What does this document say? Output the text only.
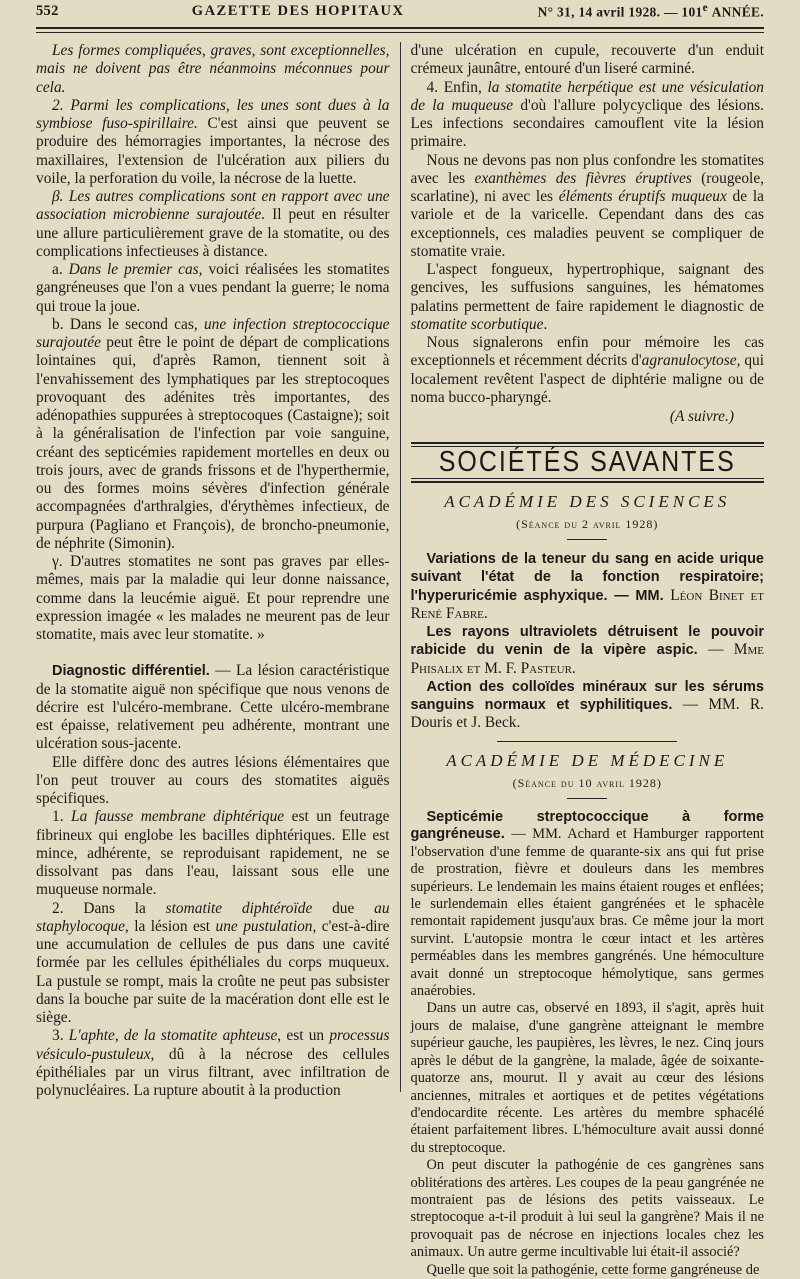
552	GAZETTE DES HOPITAUX	N° 31, 14 avril 1928. — 101e ANNÉE.

Les formes compliquées, graves, sont exceptionnelles, mais ne doivent pas être néanmoins méconnues pour cela.

2. Parmi les complications, les unes sont dues à la symbiose fuso-spirillaire. C'est ainsi que peuvent se produire des hémorragies importantes, la nécrose des maxillaires, l'extension de l'ulcération aux piliers du voile, la perforation du voile, la nécrose de la luette.

β. Les autres complications sont en rapport avec une association microbienne surajoutée. Il peut en résulter une allure particulièrement grave de la stomatite, ou des complications infectieuses à distance.

a. Dans le premier cas, voici réalisées les stomatites gangréneuses que l'on a vues pendant la guerre; le noma qui troue la joue.

b. Dans le second cas, une infection streptococcique surajoutée peut être le point de départ de complications lointaines qui, d'après Ramon, tiennent soit à l'envahissement des lymphatiques par les streptocoques provoquant des adénites très importantes, des adénopathies suppurées à streptocoques (Castaigne); soit à la généralisation de l'infection par voie sanguine, créant des septicémies rapidement mortelles en deux ou trois jours, avec de grands frissons et de l'hyperthermie, ou des formes moins sévères d'infection générale accompagnées d'arthralgies, d'érythèmes infectieux, de purpura (Pagliano et François), de broncho-pneumonie, de néphrite (Simonin).

γ. D'autres stomatites ne sont pas graves par elles-mêmes, mais par la maladie qui leur donne naissance, comme dans la leucémie aiguë. Et pour reprendre une expression imagée « les malades ne meurent pas de leur stomatite, mais avec leur stomatite. »

Diagnostic différentiel. — La lésion caractéristique de la stomatite aiguë non spécifique que nous venons de décrire est l'ulcéro-membrane. Cette ulcéro-membrane est épaisse, relativement peu adhérente, montrant une ulcération sous-jacente.

Elle diffère donc des autres lésions élémentaires que l'on peut trouver au cours des stomatites aiguës spécifiques.

1. La fausse membrane diphtérique est un feutrage fibrineux qui englobe les bacilles diphtériques. Elle est mince, adhérente, se reproduisant rapidement, ne se dissolvant pas dans l'eau, laissant sous elle une muqueuse normale.

2. Dans la stomatite diphtéroïde due au staphylocoque, la lésion est une pustulation, c'est-à-dire une accumulation de cellules de pus dans une cavité formée par les cellules épithéliales du corps muqueux. La pustule se rompt, mais la croûte ne peut pas subsister dans la bouche par suite de la macération dont elle est le siège.

3. L'aphte, de la stomatite aphteuse, est un processus vésiculo-pustuleux, dû à la nécrose des cellules épithéliales par un virus filtrant, avec infiltration de polynucléaires. La rupture aboutit à la production

d'une ulcération en cupule, recouverte d'un enduit crémeux jaunâtre, entouré d'un liseré carminé.

4. Enfin, la stomatite herpétique est une vésiculation de la muqueuse d'où l'allure polycyclique des lésions. Les infections secondaires camouflent vite la lésion primaire.

Nous ne devons pas non plus confondre les stomatites avec les exanthèmes des fièvres éruptives (rougeole, scarlatine), ni avec les éléments éruptifs muqueux de la variole et de la varicelle. Cependant dans des cas exceptionnels, ces maladies peuvent se compliquer de stomatite vraie.

L'aspect fongueux, hypertrophique, saignant des gencives, les suffusions sanguines, les hématomes palatins permettent de faire rapidement le diagnostic de stomatite scorbutique.

Nous signalerons enfin pour mémoire les cas exceptionnels et récemment décrits d'agranulocytose, qui localement revêtent l'aspect de diphtérie maligne ou de noma bucco-pharyngé.

(A suivre.)
SOCIÉTÉS SAVANTES
ACADÉMIE DES SCIENCES
(Séance du 2 avril 1928)

Variations de la teneur du sang en acide urique suivant l'état de la fonction respiratoire; l'hyperuricémie asphyxique. — MM. Léon Binet et René Fabre.

Les rayons ultraviolets détruisent le pouvoir rabicide du venin de la vipère aspic. — Mme Phisalix et M. F. Pasteur.

Action des colloïdes minéraux sur les sérums sanguins normaux et syphilitiques. — MM. R. Douris et J. Beck.

ACADÉMIE DE MÉDECINE
(Séance du 10 avril 1928)

Septicémie streptococcique à forme gangréneuse. — MM. Achard et Hamburger rapportent l'observation d'une femme de quarante-six ans qui fut prise de prostration, fièvre et douleurs dans les membres supérieurs. Le lendemain les mains étaient rouges et enflées; le surlendemain elles étaient gangrénées et le sphacèle remontait rapidement jusqu'aux bras. Ce même jour la mort survint. L'autopsie montra le cœur intact et les artères perméables dans les membres gangrénés. Une hémoculture avait donné un streptocoque hémolytique, sans germes anaérobies.

Dans un autre cas, observé en 1893, il s'agit, après huit jours de malaise, d'une gangrène atteignant le membre supérieur gauche, les paupières, les lèvres, le nez. Cinq jours après le début de la gangrène, la malade, âgée de soixante-quatorze ans, mourut. Il y avait au cœur des lésions anciennes, mitrales et aortiques et de petites végétations d'endocardite récente. Les artères du membre sphacélé étaient parfaitement libres. L'hémoculture avait aussi donné du streptocoque.

On peut discuter la pathogénie de ces gangrènes sans oblitérations des artères. Les coupes de la peau gangrénée ne montraient pas de lésions des petits vaisseaux. Le streptocoque a-t-il produit à lui seul la gangrène? Mais il ne provoquait pas de nécrose en injections locales chez les animaux. Un autre germe incultivable lui était-il associé?

Quelle que soit la pathogénie, cette forme gangréneuse de
